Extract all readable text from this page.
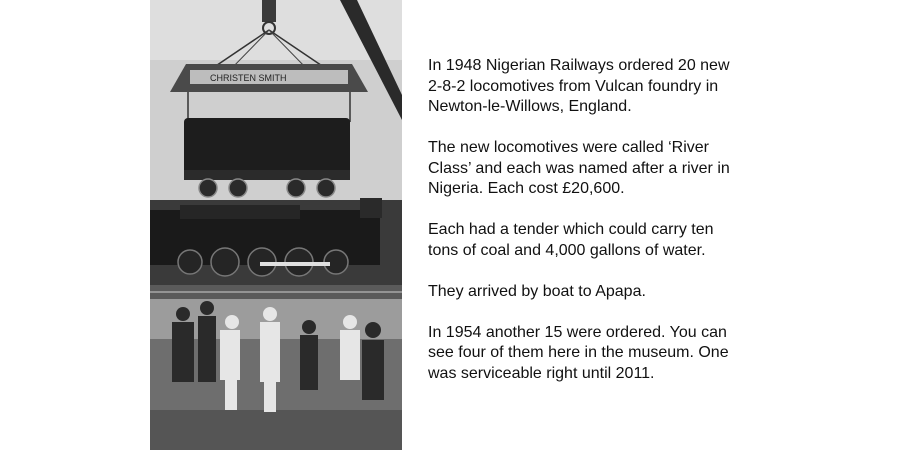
CHRISTEN SMITH

In 1948 Nigerian Railways ordered 20 new 2-8-2 locomotives from Vulcan foundry in Newton-le-Willows, England.

The new locomotives were called ‘River Class’ and each was named after a river in Nigeria. Each cost £20,600.

Each had a tender which could carry ten tons of coal and 4,000 gallons of water.

They arrived by boat to Apapa.

In 1954 another 15 were ordered. You can see four of them here in the museum. One was serviceable right until 2011.
